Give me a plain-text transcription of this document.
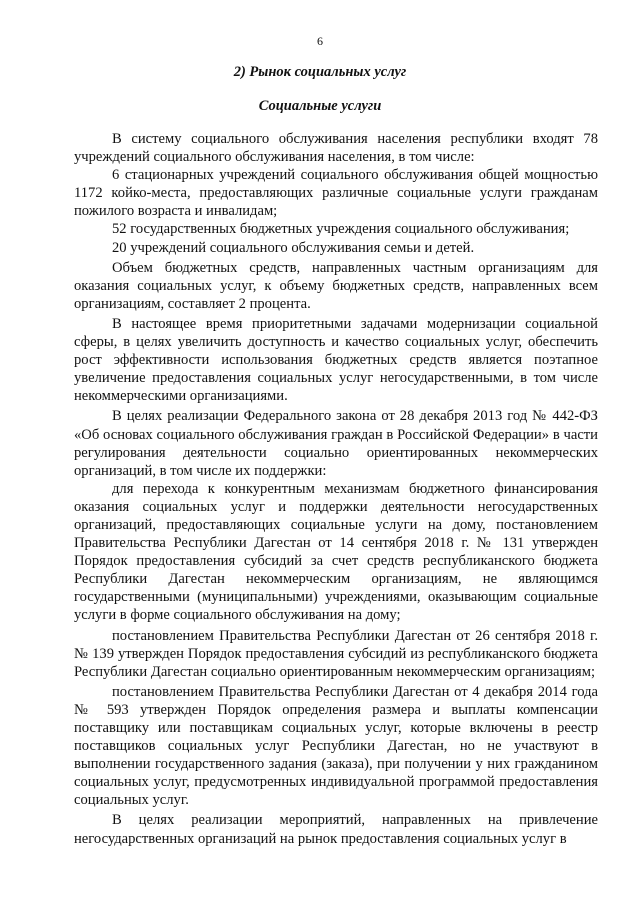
6
2) Рынок социальных услуг
Социальные услуги

В систему социального обслуживания населения республики входят 78 учреждений социального обслуживания населения, в том числе:

6 стационарных учреждений социального обслуживания общей мощностью 1172 койко-места, предоставляющих различные социальные услуги гражданам пожилого возраста и инвалидам;

52 государственных бюджетных учреждения социального обслуживания;

20 учреждений социального обслуживания семьи и детей.

Объем бюджетных средств, направленных частным организациям для оказания социальных услуг, к объему бюджетных средств, направленных всем организациям, составляет 2 процента.

В настоящее время приоритетными задачами модернизации социальной сферы, в целях увеличить доступность и качество социальных услуг, обеспечить рост эффективности использования бюджетных средств является поэтапное увеличение предоставления социальных услуг негосударственными, в том числе некоммерческими организациями.

В целях реализации Федерального закона от 28 декабря 2013 год № 442-ФЗ «Об основах социального обслуживания граждан в Российской Федерации» в части регулирования деятельности социально ориентированных некоммерческих организаций, в том числе их поддержки:

для перехода к конкурентным механизмам бюджетного финансирования оказания социальных услуг и поддержки деятельности негосударственных организаций, предоставляющих социальные услуги на дому, постановлением Правительства Республики Дагестан от 14 сентября 2018 г. № 131 утвержден Порядок предоставления субсидий за счет средств республиканского бюджета Республики Дагестан некоммерческим организациям, не являющимся государственными (муниципальными) учреждениями, оказывающим социальные услуги в форме социального обслуживания на дому;

постановлением Правительства Республики Дагестан от 26 сентября 2018 г. № 139 утвержден Порядок предоставления субсидий из республиканского бюджета Республики Дагестан социально ориентированным некоммерческим организациям;

постановлением Правительства Республики Дагестан от 4 декабря 2014 года № 593 утвержден Порядок определения размера и выплаты компенсации поставщику или поставщикам социальных услуг, которые включены в реестр поставщиков социальных услуг Республики Дагестан, но не участвуют в выполнении государственного задания (заказа), при получении у них гражданином социальных услуг, предусмотренных индивидуальной программой предоставления социальных услуг.

В целях реализации мероприятий, направленных на привлечение негосударственных организаций на рынок предоставления социальных услуг в
